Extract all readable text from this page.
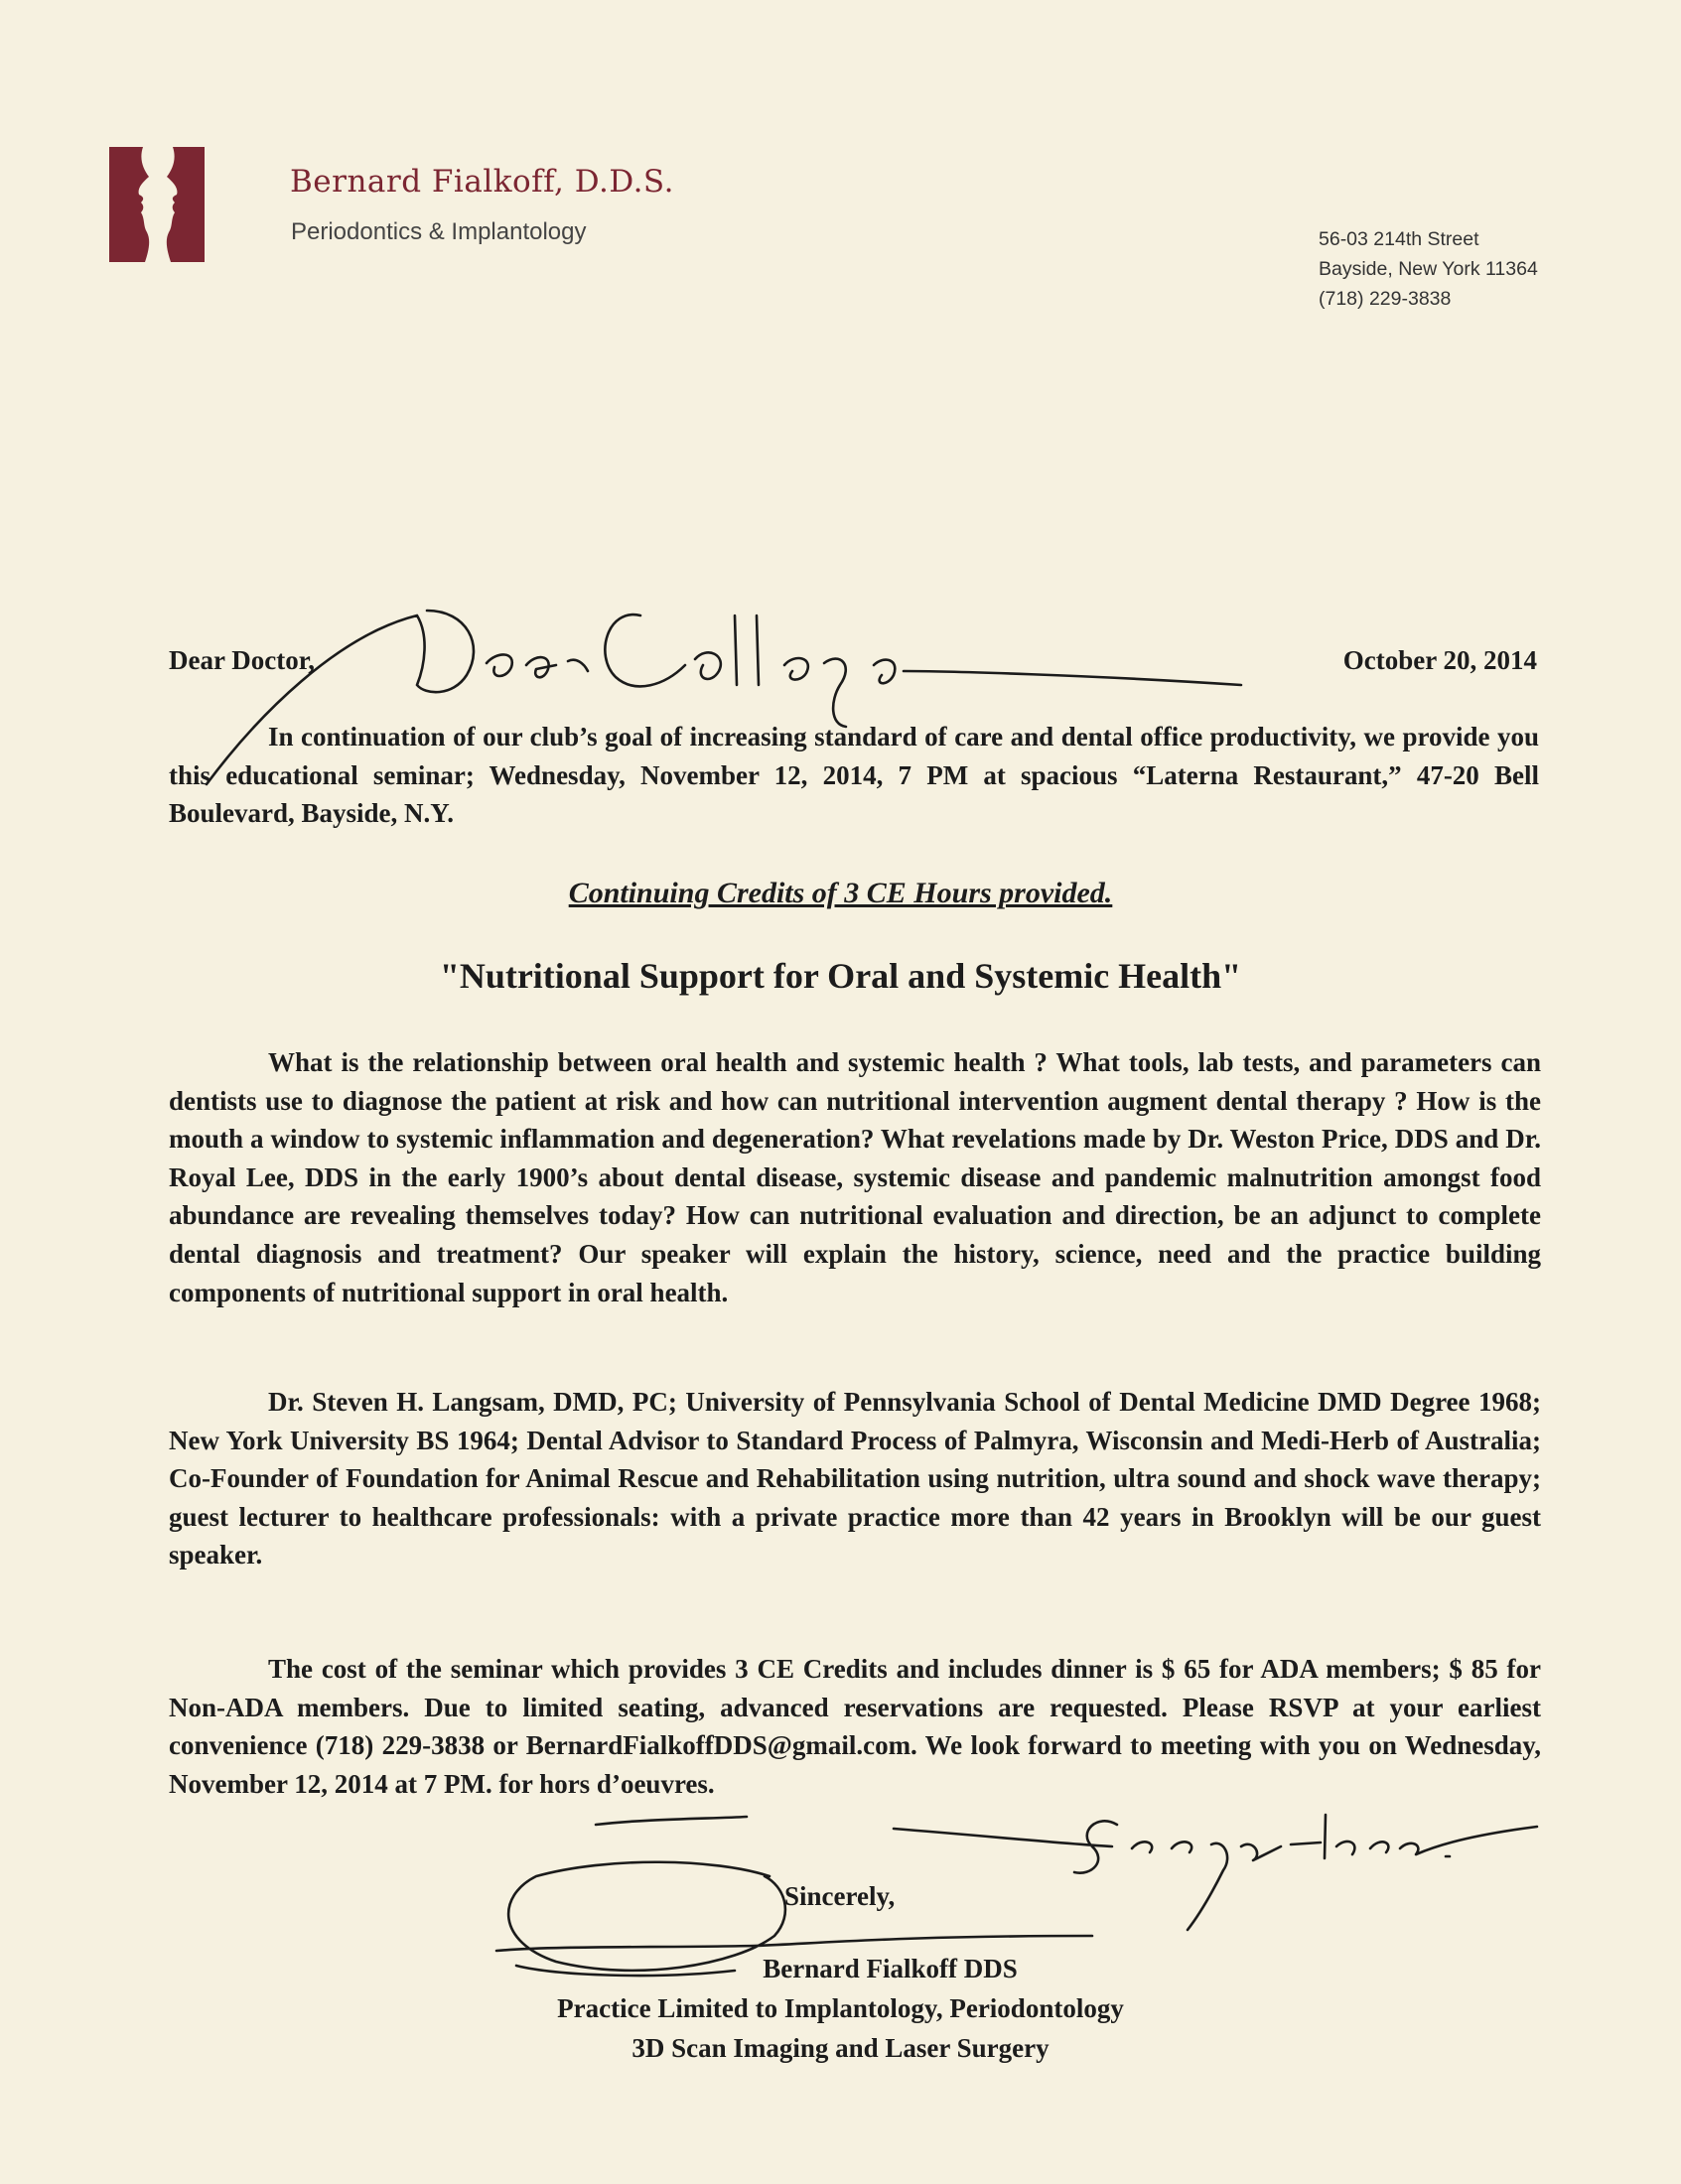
Bernard Fialkoff, D.D.S.
Periodontics & Implantology	56-03 214th Street
Bayside, New York 11364
(718) 229-3838
Dear Doctor,	October 20, 2014
In continuation of our club’s goal of increasing standard of care and dental office productivity, we provide you this educational seminar; Wednesday, November 12, 2014, 7 PM at spacious “Laterna Restaurant,” 47-20 Bell Boulevard, Bayside, N.Y.
Continuing Credits of 3 CE Hours provided.
"Nutritional Support for Oral and Systemic Health"
What is the relationship between oral health and systemic health ? What tools, lab tests, and parameters can dentists use to diagnose the patient at risk and how can nutritional intervention augment dental therapy ? How is the mouth a window to systemic inflammation and degeneration? What revelations made by Dr. Weston Price, DDS and Dr. Royal Lee, DDS in the early 1900’s about dental disease, systemic disease and pandemic malnutrition amongst food abundance are revealing themselves today? How can nutritional evaluation and direction, be an adjunct to complete dental diagnosis and treatment? Our speaker will explain the history, science, need and the practice building components of nutritional support in oral health.
Dr. Steven H. Langsam, DMD, PC; University of Pennsylvania School of Dental Medicine DMD Degree 1968; New York University BS 1964; Dental Advisor to Standard Process of Palmyra, Wisconsin and Medi-Herb of Australia; Co-Founder of Foundation for Animal Rescue and Rehabilitation using nutrition, ultra sound and shock wave therapy; guest lecturer to healthcare professionals: with a private practice more than 42 years in Brooklyn will be our guest speaker.
The cost of the seminar which provides 3 CE Credits and includes dinner is $ 65 for ADA members; $ 85 for Non-ADA members. Due to limited seating, advanced reservations are requested. Please RSVP at your earliest convenience (718) 229-3838 or BernardFialkoffDDS@gmail.com. We look forward to meeting with you on Wednesday, November 12, 2014 at 7 PM. for hors d’oeuvres.
Sincerely,
Bernard Fialkoff DDS
Practice Limited to Implantology, Periodontology
3D Scan Imaging and Laser Surgery
